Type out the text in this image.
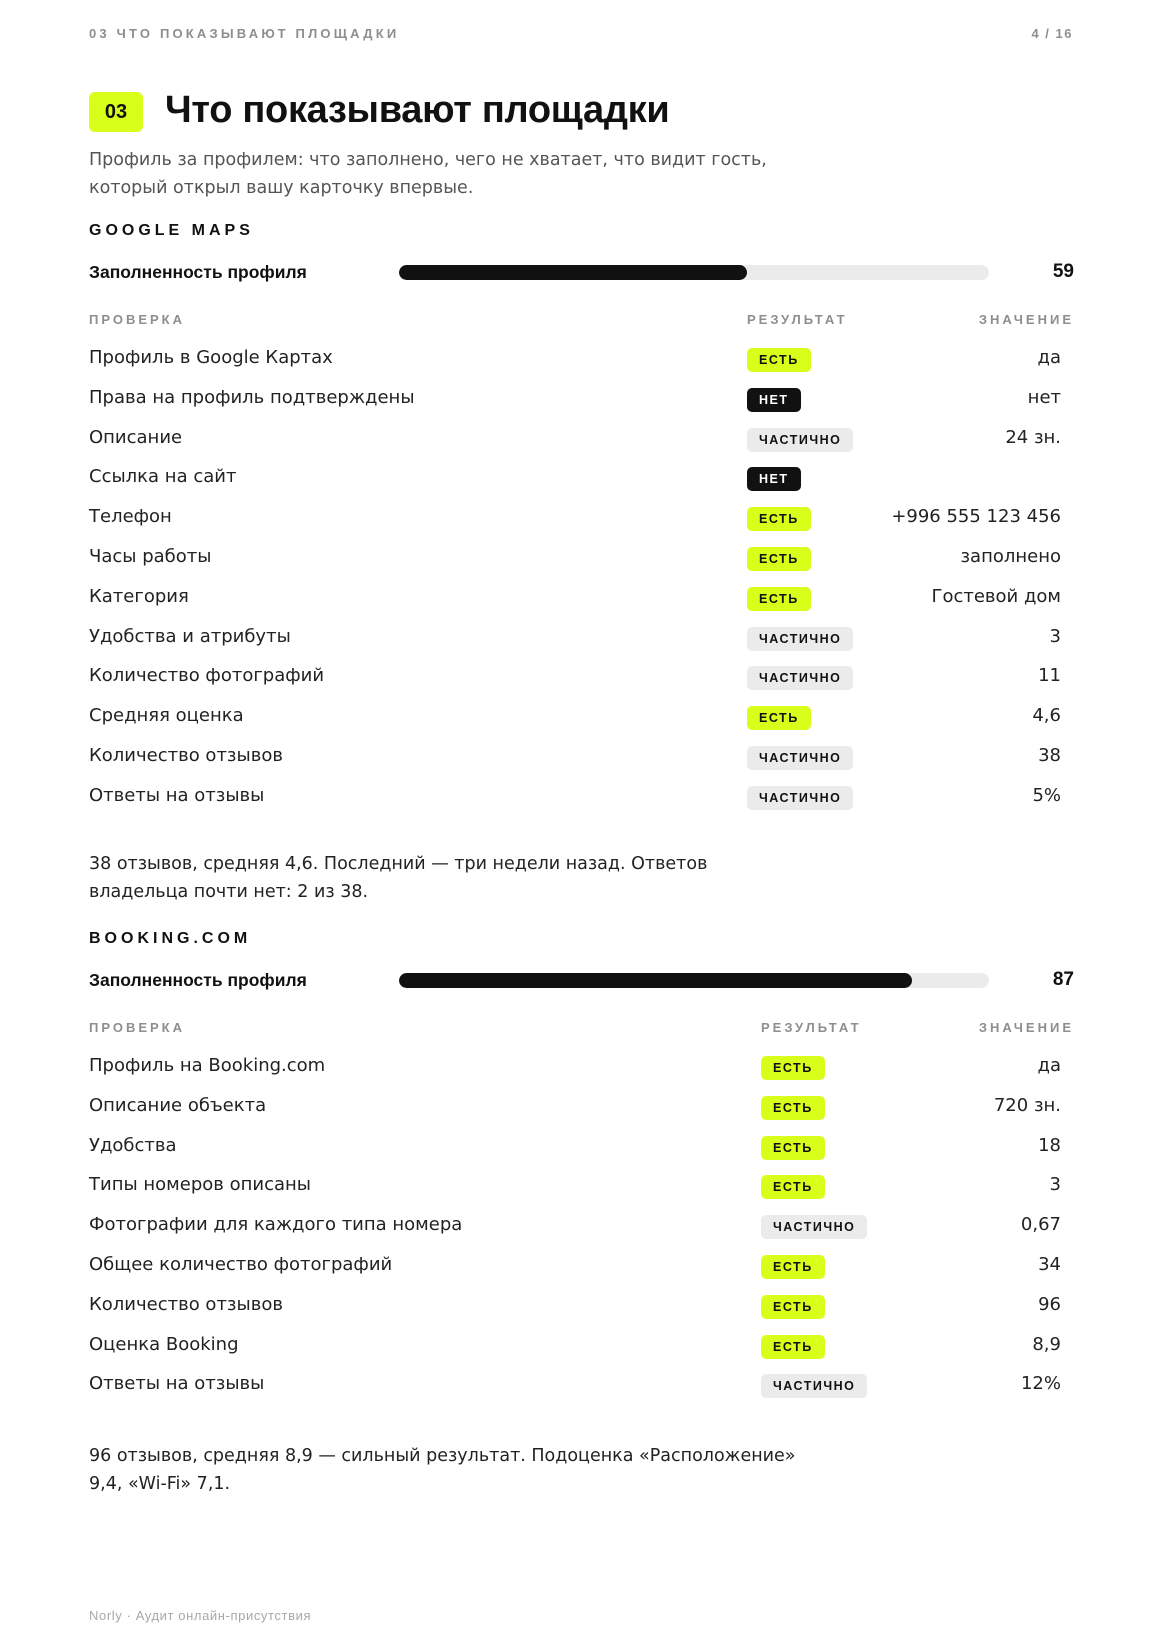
03 ЧТО ПОКАЗЫВАЮТ ПЛОЩАДКИ	4 / 16
03 Что показывают площадки
Профиль за профилем: что заполнено, чего не хватает, что видит гость, который открыл вашу карточку впервые.
GOOGLE MAPS
Заполненность профиля	59
ПРОВЕРКА	РЕЗУЛЬТАТ	ЗНАЧЕНИЕ
Профиль в Google Картах	ЕСТЬ	да
Права на профиль подтверждены	НЕТ	нет
Описание	ЧАСТИЧНО	24 зн.
Ссылка на сайт	НЕТ
Телефон	ЕСТЬ	+996 555 123 456
Часы работы	ЕСТЬ	заполнено
Категория	ЕСТЬ	Гостевой дом
Удобства и атрибуты	ЧАСТИЧНО	3
Количество фотографий	ЧАСТИЧНО	11
Средняя оценка	ЕСТЬ	4,6
Количество отзывов	ЧАСТИЧНО	38
Ответы на отзывы	ЧАСТИЧНО	5%
38 отзывов, средняя 4,6. Последний — три недели назад. Ответов владельца почти нет: 2 из 38.
BOOKING.COM
Заполненность профиля	87
ПРОВЕРКА	РЕЗУЛЬТАТ	ЗНАЧЕНИЕ
Профиль на Booking.com	ЕСТЬ	да
Описание объекта	ЕСТЬ	720 зн.
Удобства	ЕСТЬ	18
Типы номеров описаны	ЕСТЬ	3
Фотографии для каждого типа номера	ЧАСТИЧНО	0,67
Общее количество фотографий	ЕСТЬ	34
Количество отзывов	ЕСТЬ	96
Оценка Booking	ЕСТЬ	8,9
Ответы на отзывы	ЧАСТИЧНО	12%
96 отзывов, средняя 8,9 — сильный результат. Подоценка «Расположение» 9,4, «Wi-Fi» 7,1.
Norly · Аудит онлайн-присутствия
